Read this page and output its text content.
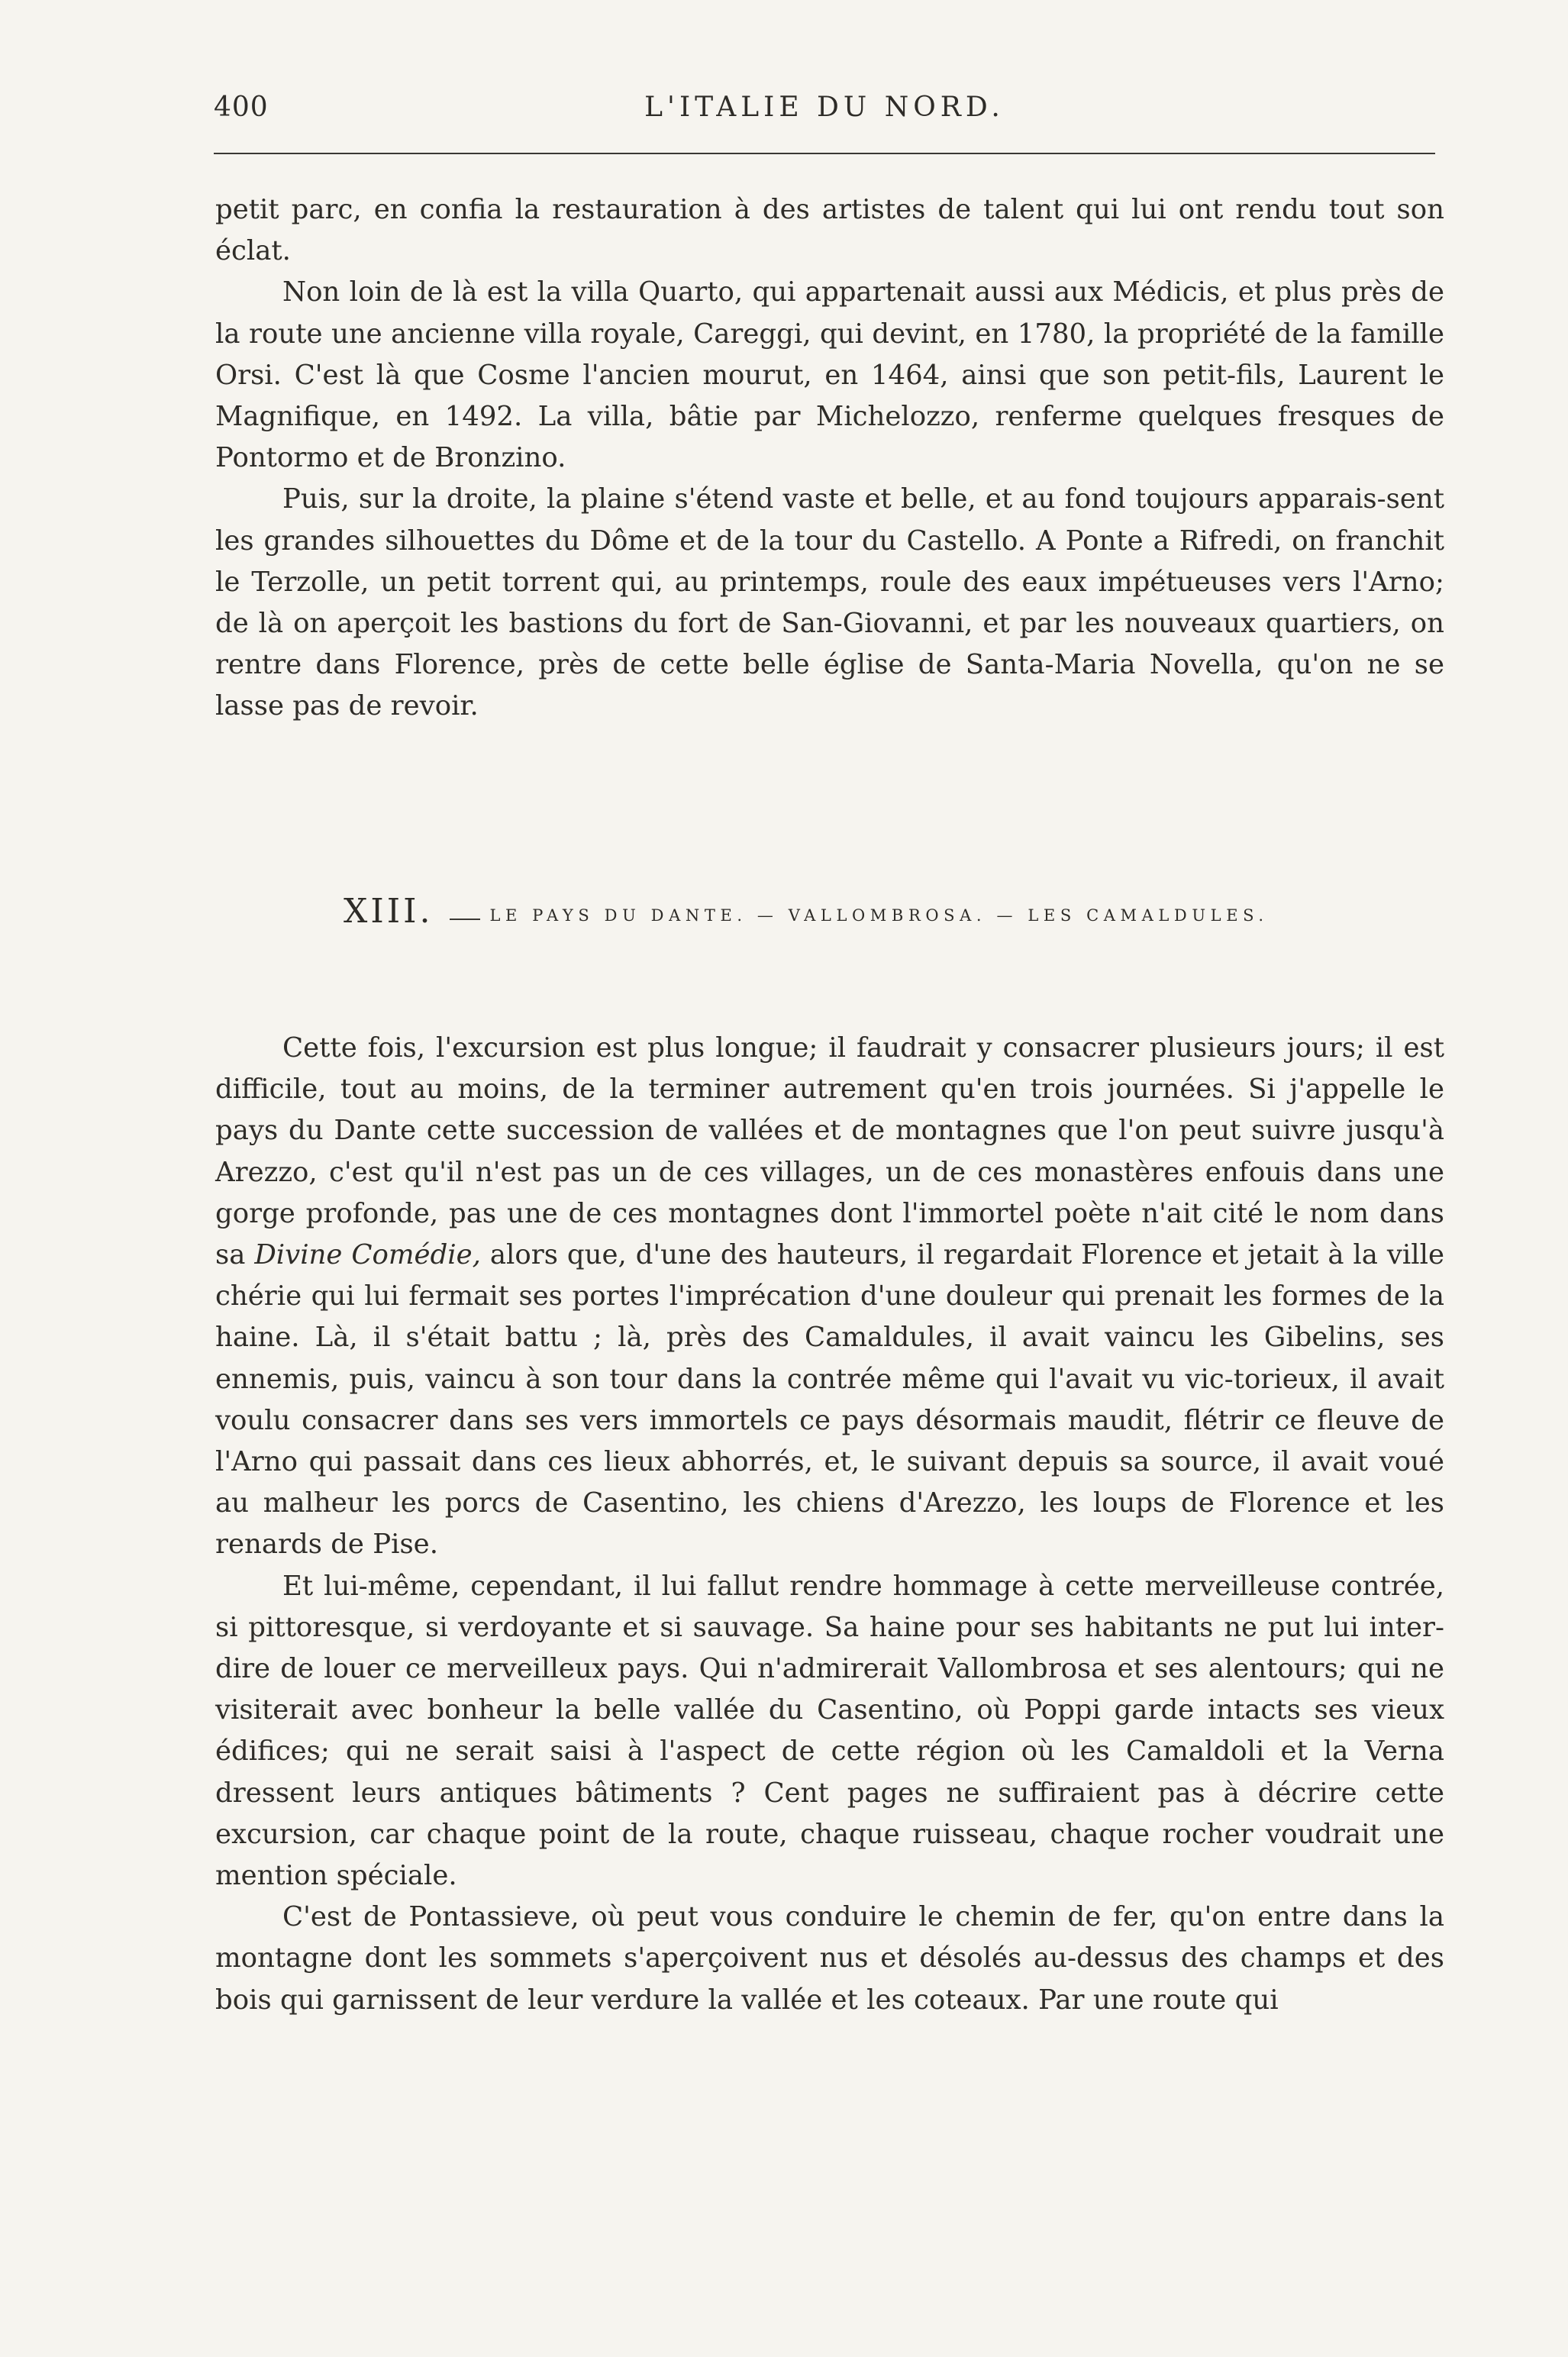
400	L'ITALIE DU NORD.

petit parc, en confia la restauration à des artistes de talent qui lui ont rendu tout son éclat.

Non loin de là est la villa Quarto, qui appartenait aussi aux Médicis, et plus près de la route une ancienne villa royale, Careggi, qui devint, en 1780, la propriété de la famille Orsi. C'est là que Cosme l'ancien mourut, en 1464, ainsi que son petit-fils, Laurent le Magnifique, en 1492. La villa, bâtie par Michelozzo, renferme quelques fresques de Pontormo et de Bronzino.

Puis, sur la droite, la plaine s'étend vaste et belle, et au fond toujours apparais-sent les grandes silhouettes du Dôme et de la tour du Castello. A Ponte a Rifredi, on franchit le Terzolle, un petit torrent qui, au printemps, roule des eaux impétueuses vers l'Arno; de là on aperçoit les bastions du fort de San-Giovanni, et par les nouveaux quartiers, on rentre dans Florence, près de cette belle église de Santa-Maria Novella, qu'on ne se lasse pas de revoir.

XIII.	LE PAYS DU DANTE. — VALLOMBROSA. — LES CAMALDULES.

Cette fois, l'excursion est plus longue; il faudrait y consacrer plusieurs jours; il est difficile, tout au moins, de la terminer autrement qu'en trois journées. Si j'appelle le pays du Dante cette succession de vallées et de montagnes que l'on peut suivre jusqu'à Arezzo, c'est qu'il n'est pas un de ces villages, un de ces monastères enfouis dans une gorge profonde, pas une de ces montagnes dont l'immortel poète n'ait cité le nom dans sa Divine Comédie, alors que, d'une des hauteurs, il regardait Florence et jetait à la ville chérie qui lui fermait ses portes l'imprécation d'une douleur qui prenait les formes de la haine. Là, il s'était battu ; là, près des Camaldules, il avait vaincu les Gibelins, ses ennemis, puis, vaincu à son tour dans la contrée même qui l'avait vu vic-torieux, il avait voulu consacrer dans ses vers immortels ce pays désormais maudit, flétrir ce fleuve de l'Arno qui passait dans ces lieux abhorrés, et, le suivant depuis sa source, il avait voué au malheur les porcs de Casentino, les chiens d'Arezzo, les loups de Florence et les renards de Pise.

Et lui-même, cependant, il lui fallut rendre hommage à cette merveilleuse contrée, si pittoresque, si verdoyante et si sauvage. Sa haine pour ses habitants ne put lui inter-dire de louer ce merveilleux pays. Qui n'admirerait Vallombrosa et ses alentours; qui ne visiterait avec bonheur la belle vallée du Casentino, où Poppi garde intacts ses vieux édifices; qui ne serait saisi à l'aspect de cette région où les Camaldoli et la Verna dressent leurs antiques bâtiments ? Cent pages ne suffiraient pas à décrire cette excursion, car chaque point de la route, chaque ruisseau, chaque rocher voudrait une mention spéciale.

C'est de Pontassieve, où peut vous conduire le chemin de fer, qu'on entre dans la montagne dont les sommets s'aperçoivent nus et désolés au-dessus des champs et des bois qui garnissent de leur verdure la vallée et les coteaux. Par une route qui
